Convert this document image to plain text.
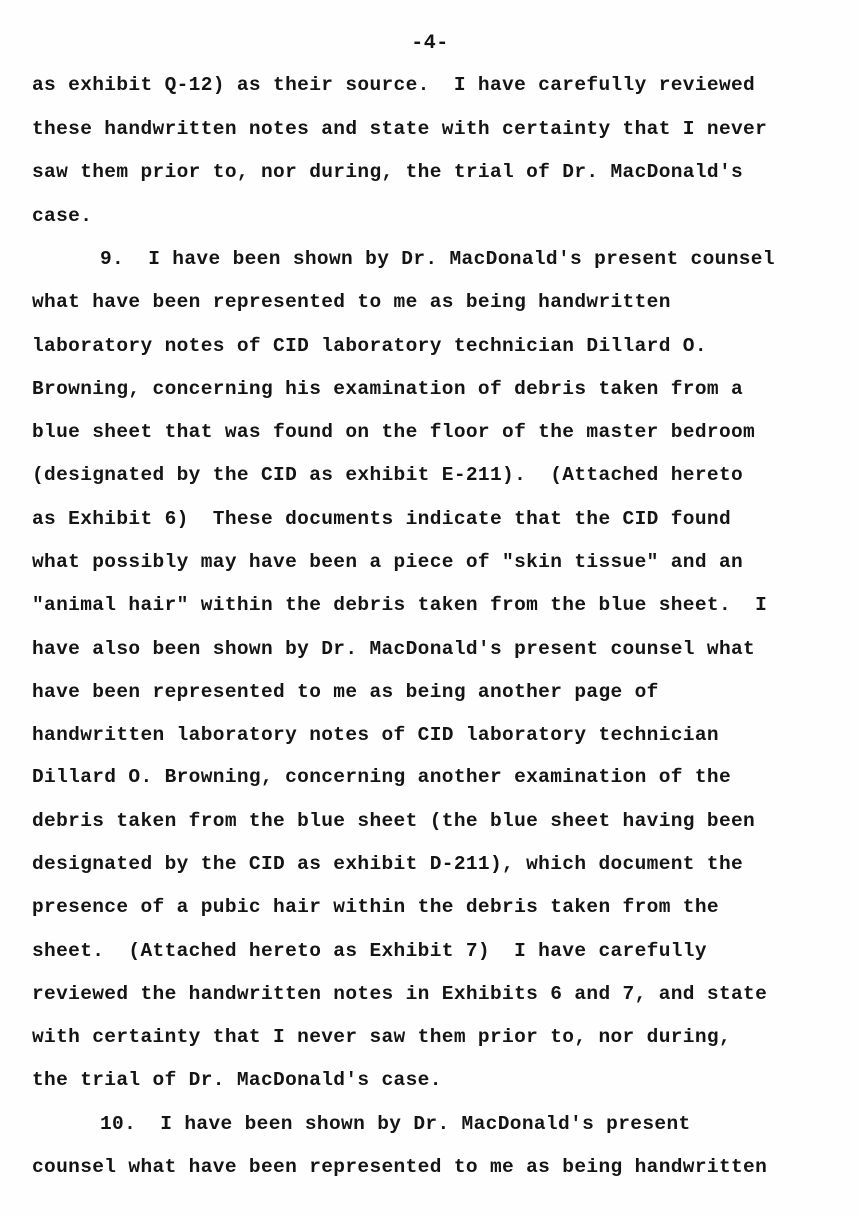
-4-
as exhibit Q-12) as their source.  I have carefully reviewed
these handwritten notes and state with certainty that I never
saw them prior to, nor during, the trial of Dr. MacDonald's
case.
9.  I have been shown by Dr. MacDonald's present counsel
what have been represented to me as being handwritten
laboratory notes of CID laboratory technician Dillard O.
Browning, concerning his examination of debris taken from a
blue sheet that was found on the floor of the master bedroom
(designated by the CID as exhibit E-211).  (Attached hereto
as Exhibit 6)  These documents indicate that the CID found
what possibly may have been a piece of "skin tissue" and an
"animal hair" within the debris taken from the blue sheet.  I
have also been shown by Dr. MacDonald's present counsel what
have been represented to me as being another page of
handwritten laboratory notes of CID laboratory technician
Dillard O. Browning, concerning another examination of the
debris taken from the blue sheet (the blue sheet having been
designated by the CID as exhibit D-211), which document the
presence of a pubic hair within the debris taken from the
sheet.  (Attached hereto as Exhibit 7)  I have carefully
reviewed the handwritten notes in Exhibits 6 and 7, and state
with certainty that I never saw them prior to, nor during,
the trial of Dr. MacDonald's case.
10.  I have been shown by Dr. MacDonald's present
counsel what have been represented to me as being handwritten
